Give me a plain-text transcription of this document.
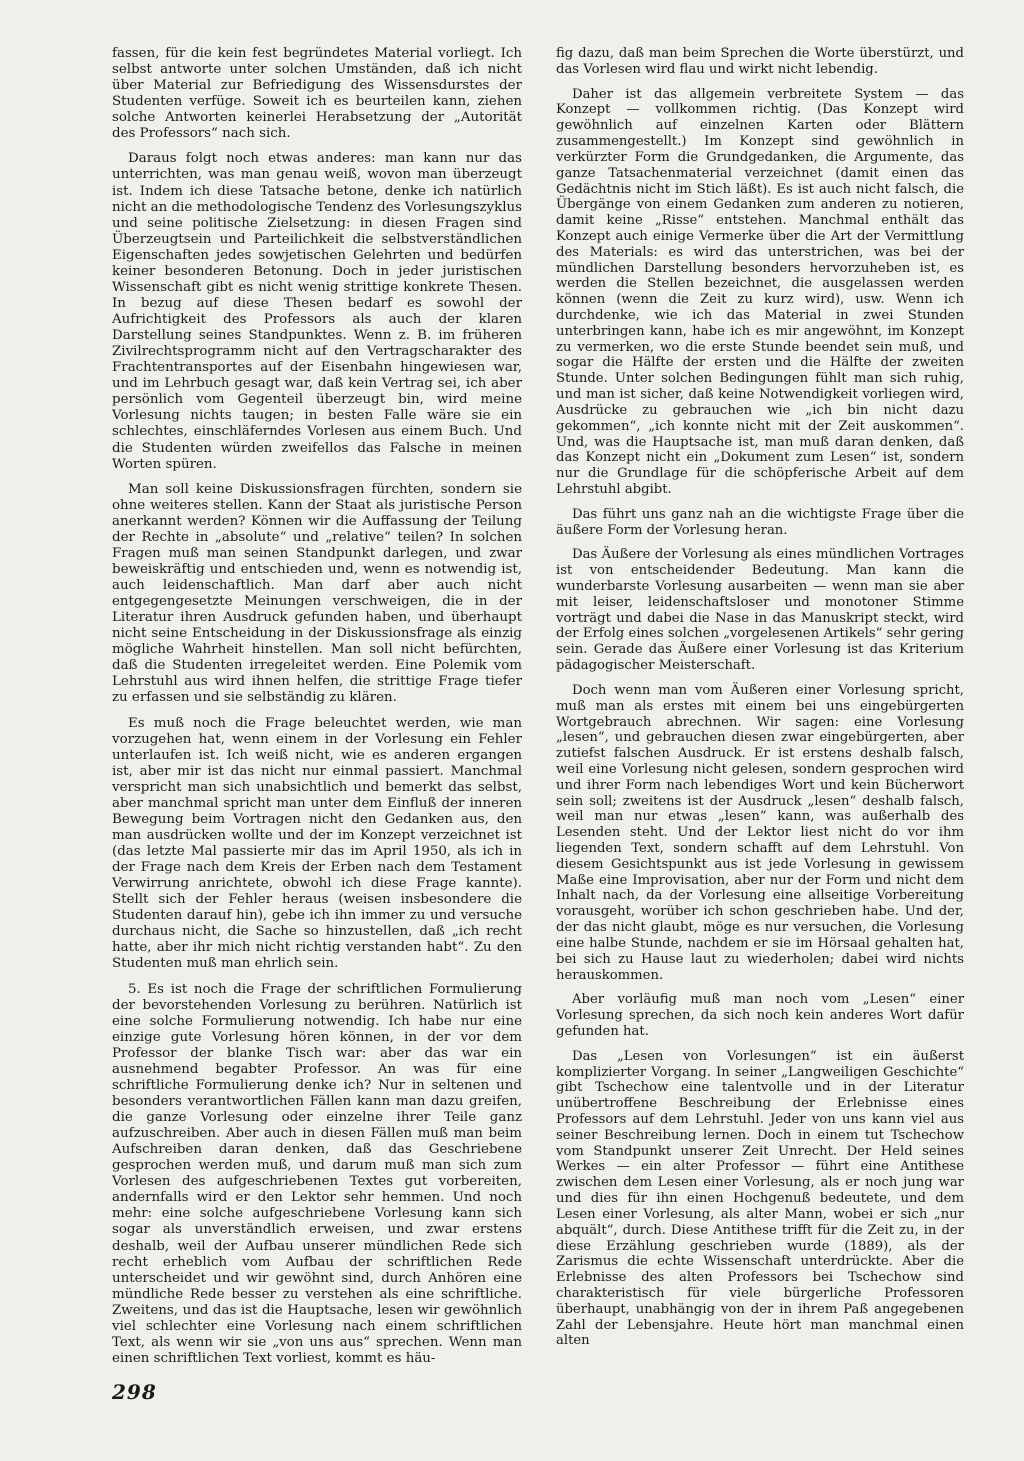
fassen, für die kein fest begründetes Material vorliegt. Ich selbst antworte unter solchen Umständen, daß ich nicht über Material zur Befriedigung des Wissensdurstes der Studenten verfüge. Soweit ich es beurteilen kann, ziehen solche Antworten keinerlei Herabsetzung der „Autorität des Professors“ nach sich.

Daraus folgt noch etwas anderes: man kann nur das unterrichten, was man genau weiß, wovon man überzeugt ist. Indem ich diese Tatsache betone, denke ich natürlich nicht an die methodologische Tendenz des Vorlesungszyklus und seine politische Zielsetzung: in diesen Fragen sind Überzeugtsein und Parteilichkeit die selbstverständlichen Eigenschaften jedes sowjetischen Gelehrten und bedürfen keiner besonderen Betonung. Doch in jeder juristischen Wissenschaft gibt es nicht wenig strittige konkrete Thesen. In bezug auf diese Thesen bedarf es sowohl der Aufrichtigkeit des Professors als auch der klaren Darstellung seines Standpunktes. Wenn z. B. im früheren Zivilrechtsprogramm nicht auf den Vertragscharakter des Frachtentransportes auf der Eisenbahn hingewiesen war, und im Lehrbuch gesagt war, daß kein Vertrag sei, ich aber persönlich vom Gegenteil überzeugt bin, wird meine Vorlesung nichts taugen; in besten Falle wäre sie ein schlechtes, einschläferndes Vorlesen aus einem Buch. Und die Studenten würden zweifellos das Falsche in meinen Worten spüren.

Man soll keine Diskussionsfragen fürchten, sondern sie ohne weiteres stellen. Kann der Staat als juristische Person anerkannt werden? Können wir die Auffassung der Teilung der Rechte in „absolute“ und „relative“ teilen? In solchen Fragen muß man seinen Standpunkt darlegen, und zwar beweiskräftig und entschieden und, wenn es notwendig ist, auch leidenschaftlich. Man darf aber auch nicht entgegengesetzte Meinungen verschweigen, die in der Literatur ihren Ausdruck gefunden haben, und überhaupt nicht seine Entscheidung in der Diskussionsfrage als einzig mögliche Wahrheit hinstellen. Man soll nicht befürchten, daß die Studenten irregeleitet werden. Eine Polemik vom Lehrstuhl aus wird ihnen helfen, die strittige Frage tiefer zu erfassen und sie selbständig zu klären.

Es muß noch die Frage beleuchtet werden, wie man vorzugehen hat, wenn einem in der Vorlesung ein Fehler unterlaufen ist. Ich weiß nicht, wie es anderen ergangen ist, aber mir ist das nicht nur einmal passiert. Manchmal verspricht man sich unabsichtlich und bemerkt das selbst, aber manchmal spricht man unter dem Einfluß der inneren Bewegung beim Vortragen nicht den Gedanken aus, den man ausdrücken wollte und der im Konzept verzeichnet ist (das letzte Mal passierte mir das im April 1950, als ich in der Frage nach dem Kreis der Erben nach dem Testament Verwirrung anrichtete, obwohl ich diese Frage kannte). Stellt sich der Fehler heraus (weisen insbesondere die Studenten darauf hin), gebe ich ihn immer zu und versuche durchaus nicht, die Sache so hinzustellen, daß „ich recht hatte, aber ihr mich nicht richtig verstanden habt“. Zu den Studenten muß man ehrlich sein.

5. Es ist noch die Frage der schriftlichen Formulierung der bevorstehenden Vorlesung zu berühren. Natürlich ist eine solche Formulierung notwendig. Ich habe nur eine einzige gute Vorlesung hören können, in der vor dem Professor der blanke Tisch war: aber das war ein ausnehmend begabter Professor. An was für eine schriftliche Formulierung denke ich? Nur in seltenen und besonders verantwortlichen Fällen kann man dazu greifen, die ganze Vorlesung oder einzelne ihrer Teile ganz aufzuschreiben. Aber auch in diesen Fällen muß man beim Aufschreiben daran denken, daß das Geschriebene gesprochen werden muß, und darum muß man sich zum Vorlesen des aufgeschriebenen Textes gut vorbereiten, andernfalls wird er den Lektor sehr hemmen. Und noch mehr: eine solche aufgeschriebene Vorlesung kann sich sogar als unverständlich erweisen, und zwar erstens deshalb, weil der Aufbau unserer mündlichen Rede sich recht erheblich vom Aufbau der schriftlichen Rede unterscheidet und wir gewöhnt sind, durch Anhören eine mündliche Rede besser zu verstehen als eine schriftliche. Zweitens, und das ist die Hauptsache, lesen wir gewöhnlich viel schlechter eine Vorlesung nach einem schriftlichen Text, als wenn wir sie „von uns aus“ sprechen. Wenn man einen schriftlichen Text vorliest, kommt es häu-

fig dazu, daß man beim Sprechen die Worte überstürzt, und das Vorlesen wird flau und wirkt nicht lebendig.

Daher ist das allgemein verbreitete System — das Konzept — vollkommen richtig. (Das Konzept wird gewöhnlich auf einzelnen Karten oder Blättern zusammengestellt.) Im Konzept sind gewöhnlich in verkürzter Form die Grundgedanken, die Argumente, das ganze Tatsachenmaterial verzeichnet (damit einen das Gedächtnis nicht im Stich läßt). Es ist auch nicht falsch, die Übergänge von einem Gedanken zum anderen zu notieren, damit keine „Risse“ entstehen. Manchmal enthält das Konzept auch einige Vermerke über die Art der Vermittlung des Materials: es wird das unterstrichen, was bei der mündlichen Darstellung besonders hervorzuheben ist, es werden die Stellen bezeichnet, die ausgelassen werden können (wenn die Zeit zu kurz wird), usw. Wenn ich durchdenke, wie ich das Material in zwei Stunden unterbringen kann, habe ich es mir angewöhnt, im Konzept zu vermerken, wo die erste Stunde beendet sein muß, und sogar die Hälfte der ersten und die Hälfte der zweiten Stunde. Unter solchen Bedingungen fühlt man sich ruhig, und man ist sicher, daß keine Notwendigkeit vorliegen wird, Ausdrücke zu gebrauchen wie „ich bin nicht dazu gekommen“, „ich konnte nicht mit der Zeit auskommen“. Und, was die Hauptsache ist, man muß daran denken, daß das Konzept nicht ein „Dokument zum Lesen“ ist, sondern nur die Grundlage für die schöpferische Arbeit auf dem Lehrstuhl abgibt.

Das führt uns ganz nah an die wichtigste Frage über die äußere Form der Vorlesung heran.

Das Äußere der Vorlesung als eines mündlichen Vortrages ist von entscheidender Bedeutung. Man kann die wunderbarste Vorlesung ausarbeiten — wenn man sie aber mit leiser, leidenschaftsloser und monotoner Stimme vorträgt und dabei die Nase in das Manuskript steckt, wird der Erfolg eines solchen „vorgelesenen Artikels“ sehr gering sein. Gerade das Äußere einer Vorlesung ist das Kriterium pädagogischer Meisterschaft.

Doch wenn man vom Äußeren einer Vorlesung spricht, muß man als erstes mit einem bei uns eingebürgerten Wortgebrauch abrechnen. Wir sagen: eine Vorlesung „lesen“, und gebrauchen diesen zwar eingebürgerten, aber zutiefst falschen Ausdruck. Er ist erstens deshalb falsch, weil eine Vorlesung nicht gelesen, sondern gesprochen wird und ihrer Form nach lebendiges Wort und kein Bücherwort sein soll; zweitens ist der Ausdruck „lesen“ deshalb falsch, weil man nur etwas „lesen“ kann, was außerhalb des Lesenden steht. Und der Lektor liest nicht do vor ihm liegenden Text, sondern schafft auf dem Lehrstuhl. Von diesem Gesichtspunkt aus ist jede Vorlesung in gewissem Maße eine Improvisation, aber nur der Form und nicht dem Inhalt nach, da der Vorlesung eine allseitige Vorbereitung vorausgeht, worüber ich schon geschrieben habe. Und der, der das nicht glaubt, möge es nur versuchen, die Vorlesung eine halbe Stunde, nachdem er sie im Hörsaal gehalten hat, bei sich zu Hause laut zu wiederholen; dabei wird nichts herauskommen.

Aber vorläufig muß man noch vom „Lesen“ einer Vorlesung sprechen, da sich noch kein anderes Wort dafür gefunden hat.

Das „Lesen von Vorlesungen“ ist ein äußerst komplizierter Vorgang. In seiner „Langweiligen Geschichte“ gibt Tschechow eine talentvolle und in der Literatur unübertroffene Beschreibung der Erlebnisse eines Professors auf dem Lehrstuhl. Jeder von uns kann viel aus seiner Beschreibung lernen. Doch in einem tut Tschechow vom Standpunkt unserer Zeit Unrecht. Der Held seines Werkes — ein alter Professor — führt eine Antithese zwischen dem Lesen einer Vorlesung, als er noch jung war und dies für ihn einen Hochgenuß bedeutete, und dem Lesen einer Vorlesung, als alter Mann, wobei er sich „nur abquält“, durch. Diese Antithese trifft für die Zeit zu, in der diese Erzählung geschrieben wurde (1889), als der Zarismus die echte Wissenschaft unterdrückte. Aber die Erlebnisse des alten Professors bei Tschechow sind charakteristisch für viele bürgerliche Professoren überhaupt, unabhängig von der in ihrem Paß angegebenen Zahl der Lebensjahre. Heute hört man manchmal einen alten

298
